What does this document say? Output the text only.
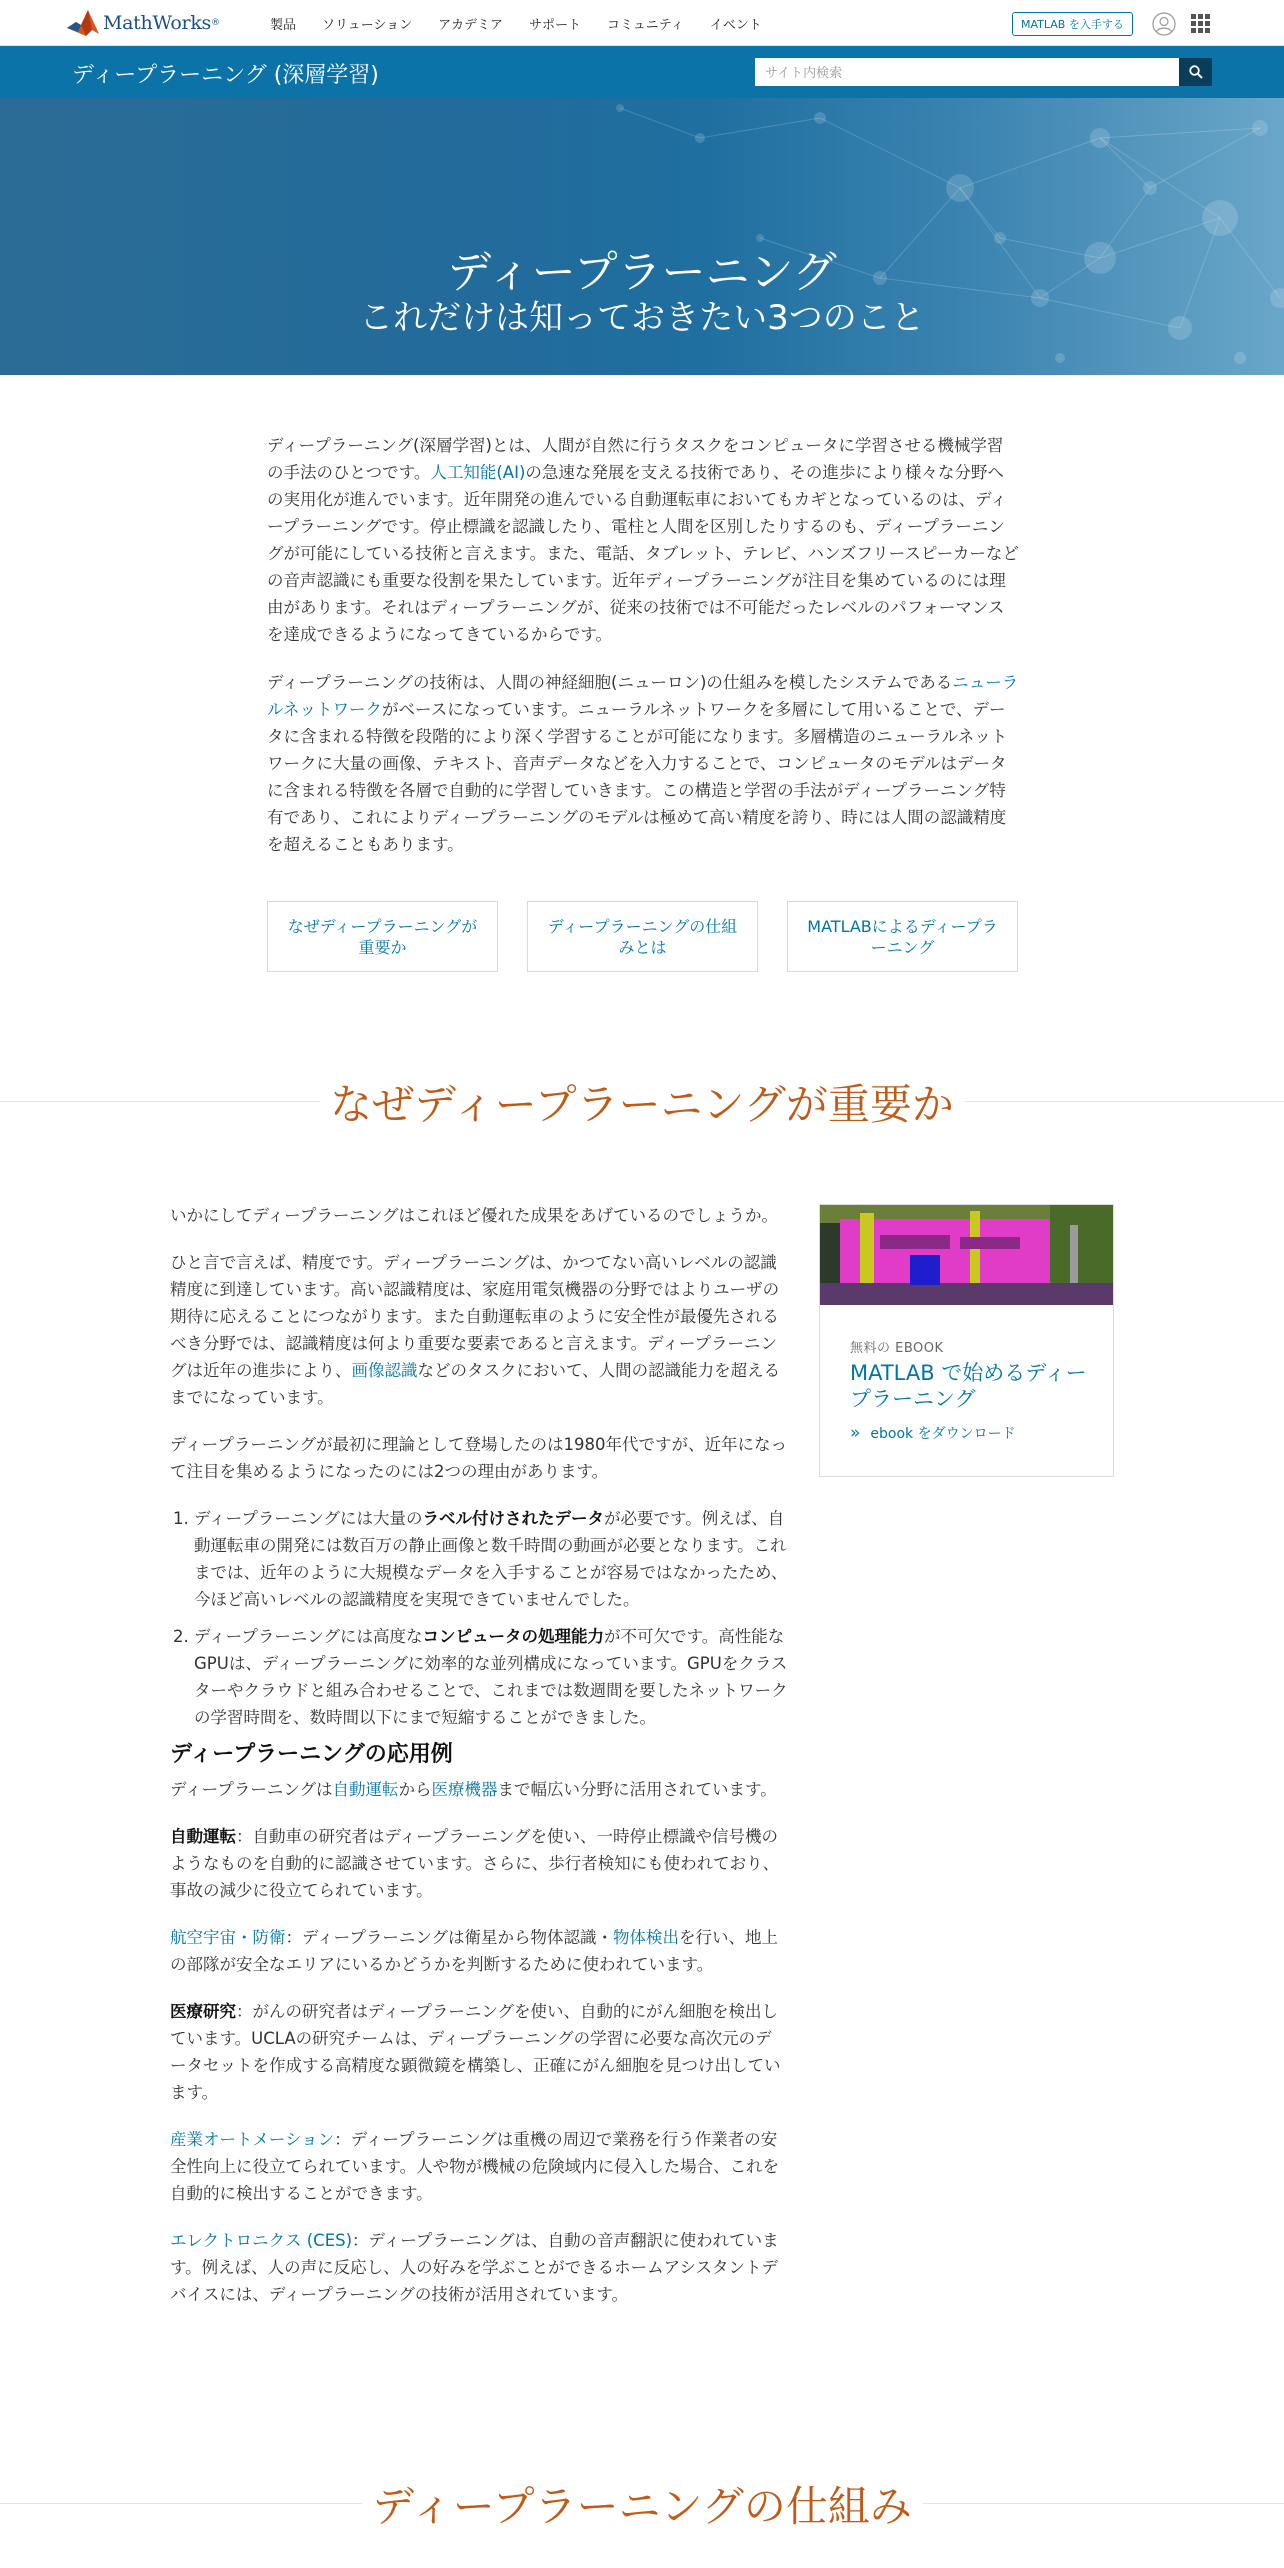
MathWorks ®	製品	ソリューション	アカデミア	サポート	コミュニティ	イベント	MATLAB を入手する
ディープラーニング (深層学習)
サイト内検索
ディープラーニング
これだけは知っておきたい3つのこと

ディープラーニング(深層学習)とは、人間が自然に行うタスクをコンピュータに学習させる機械学習の手法のひとつです。人工知能(AI)の急速な発展を支える技術であり、その進歩により様々な分野への実用化が進んでいます。近年開発の進んでいる自動運転車においてもカギとなっているのは、ディープラーニングです。停止標識を認識したり、電柱と人間を区別したりするのも、ディープラーニングが可能にしている技術と言えます。また、電話、タブレット、テレビ、ハンズフリースピーカーなどの音声認識にも重要な役割を果たしています。近年ディープラーニングが注目を集めているのには理由があります。それはディープラーニングが、従来の技術では不可能だったレベルのパフォーマンスを達成できるようになってきているからです。

ディープラーニングの技術は、人間の神経細胞(ニューロン)の仕組みを模したシステムであるニューラルネットワークがベースになっています。ニューラルネットワークを多層にして用いることで、データに含まれる特徴を段階的により深く学習することが可能になります。多層構造のニューラルネットワークに大量の画像、テキスト、音声データなどを入力することで、コンピュータのモデルはデータに含まれる特徴を各層で自動的に学習していきます。この構造と学習の手法がディープラーニング特有であり、これによりディープラーニングのモデルは極めて高い精度を誇り、時には人間の認識精度を超えることもあります。

なぜディープラーニングが重要か
ディープラーニングの仕組みとは
MATLABによるディープラーニング
なぜディープラーニングが重要か

いかにしてディープラーニングはこれほど優れた成果をあげているのでしょうか。

ひと言で言えば、精度です。ディープラーニングは、かつてない高いレベルの認識精度に到達しています。高い認識精度は、家庭用電気機器の分野ではよりユーザの期待に応えることにつながります。また自動運転車のように安全性が最優先されるべき分野では、認識精度は何より重要な要素であると言えます。ディープラーニングは近年の進歩により、画像認識などのタスクにおいて、人間の認識能力を超えるまでになっています。

ディープラーニングが最初に理論として登場したのは1980年代ですが、近年になって注目を集めるようになったのには2つの理由があります。

1. ディープラーニングには大量のラベル付けされたデータが必要です。例えば、自動運転車の開発には数百万の静止画像と数千時間の動画が必要となります。これまでは、近年のように大規模なデータを入手することが容易ではなかったため、今ほど高いレベルの認識精度を実現できていませんでした。
2. ディープラーニングには高度なコンピュータの処理能力が不可欠です。高性能なGPUは、ディープラーニングに効率的な並列構成になっています。GPUをクラスターやクラウドと組み合わせることで、これまでは数週間を要したネットワークの学習時間を、数時間以下にまで短縮することができました。
ディープラーニングの応用例

ディープラーニングは自動運転から医療機器まで幅広い分野に活用されています。

自動運転：自動車の研究者はディープラーニングを使い、一時停止標識や信号機のようなものを自動的に認識させています。さらに、歩行者検知にも使われており、事故の減少に役立てられています。

航空宇宙・防衛：ディープラーニングは衛星から物体認識・物体検出を行い、地上の部隊が安全なエリアにいるかどうかを判断するために使われています。

医療研究：がんの研究者はディープラーニングを使い、自動的にがん細胞を検出しています。UCLAの研究チームは、ディープラーニングの学習に必要な高次元のデータセットを作成する高精度な顕微鏡を構築し、正確にがん細胞を見つけ出しています。

産業オートメーション：ディープラーニングは重機の周辺で業務を行う作業者の安全性向上に役立てられています。人や物が機械の危険域内に侵入した場合、これを自動的に検出することができます。

エレクトロニクス (CES)：ディープラーニングは、自動の音声翻訳に使われています。例えば、人の声に反応し、人の好みを学ぶことができるホームアシスタントデバイスには、ディープラーニングの技術が活用されています。

無料の EBOOK
MATLAB で始めるディープラーニング
» ebook をダウンロード
ディープラーニングの仕組み
